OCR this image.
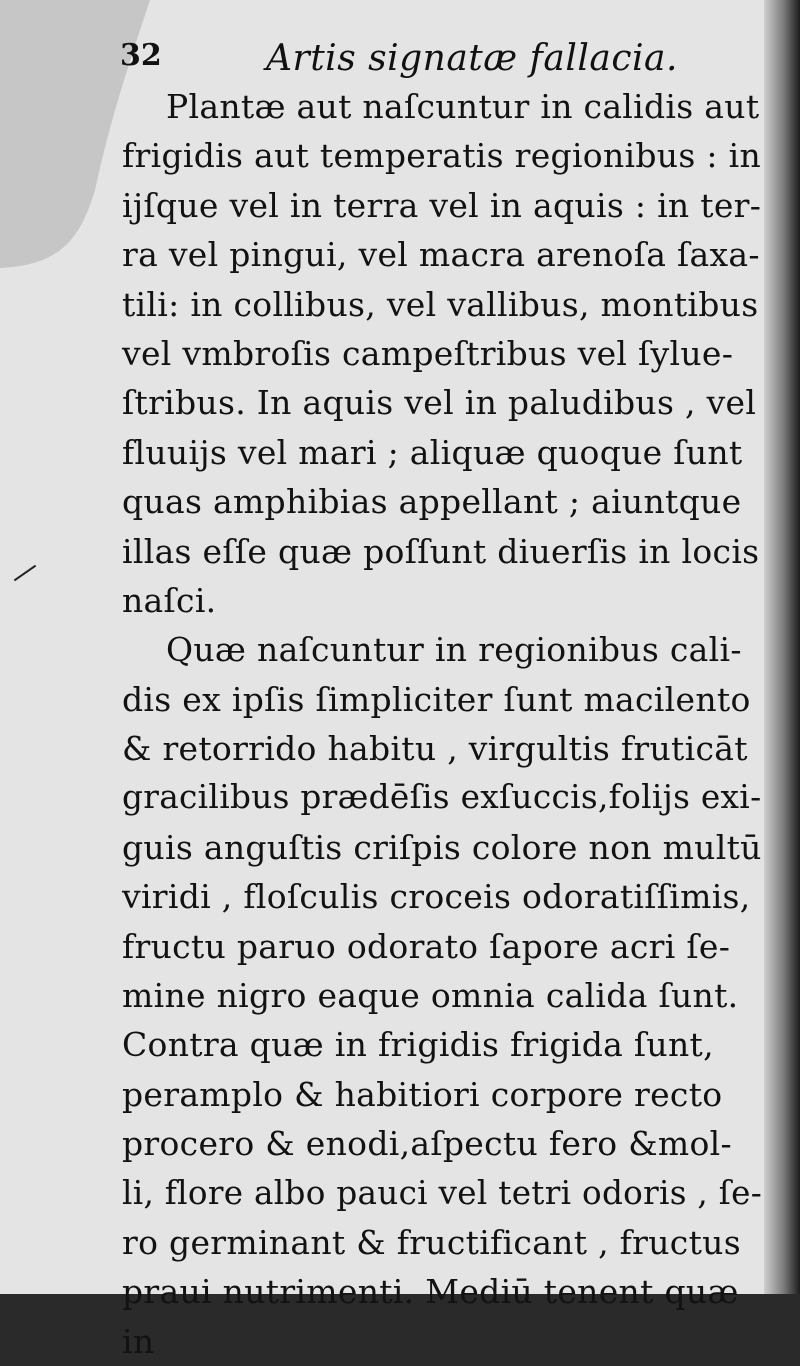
32	Artis signatæ fallacia.
Plantæ aut naſcuntur in calidis aut
frigidis aut temperatis regionibus : in
ijſque vel in terra vel in aquis : in ter-
ra vel pingui, vel macra arenoſa ſaxa-
tili: in collibus, vel vallibus, montibus
vel vmbroſis campeſtribus vel ſylue-
ſtribus. In aquis vel in paludibus , vel
fluuijs vel mari ; aliquæ quoque ſunt
quas amphibias appellant ; aiuntque
illas eſſe quæ poſſunt diuerſis in locis
naſci.
Quæ naſcuntur in regionibus cali-
dis ex ipſis ſimpliciter ſunt macilento
& retorrido habitu , virgultis fruticāt
gracilibus prædēſis exſuccis,folijs exi-
guis anguſtis criſpis colore non multū
viridi , floſculis croceis odoratiſſimis,
fructu paruo odorato ſapore acri ſe-
mine nigro eaque omnia calida ſunt.
Contra quæ in frigidis frigida ſunt,
peramplo & habitiori corpore recto
procero & enodi,aſpectu fero &mol-
li, flore albo pauci vel tetri odoris , ſe-
ro germinant & fructificant , fructus
praui nutrimenti. Mediū tenent quæ
in
